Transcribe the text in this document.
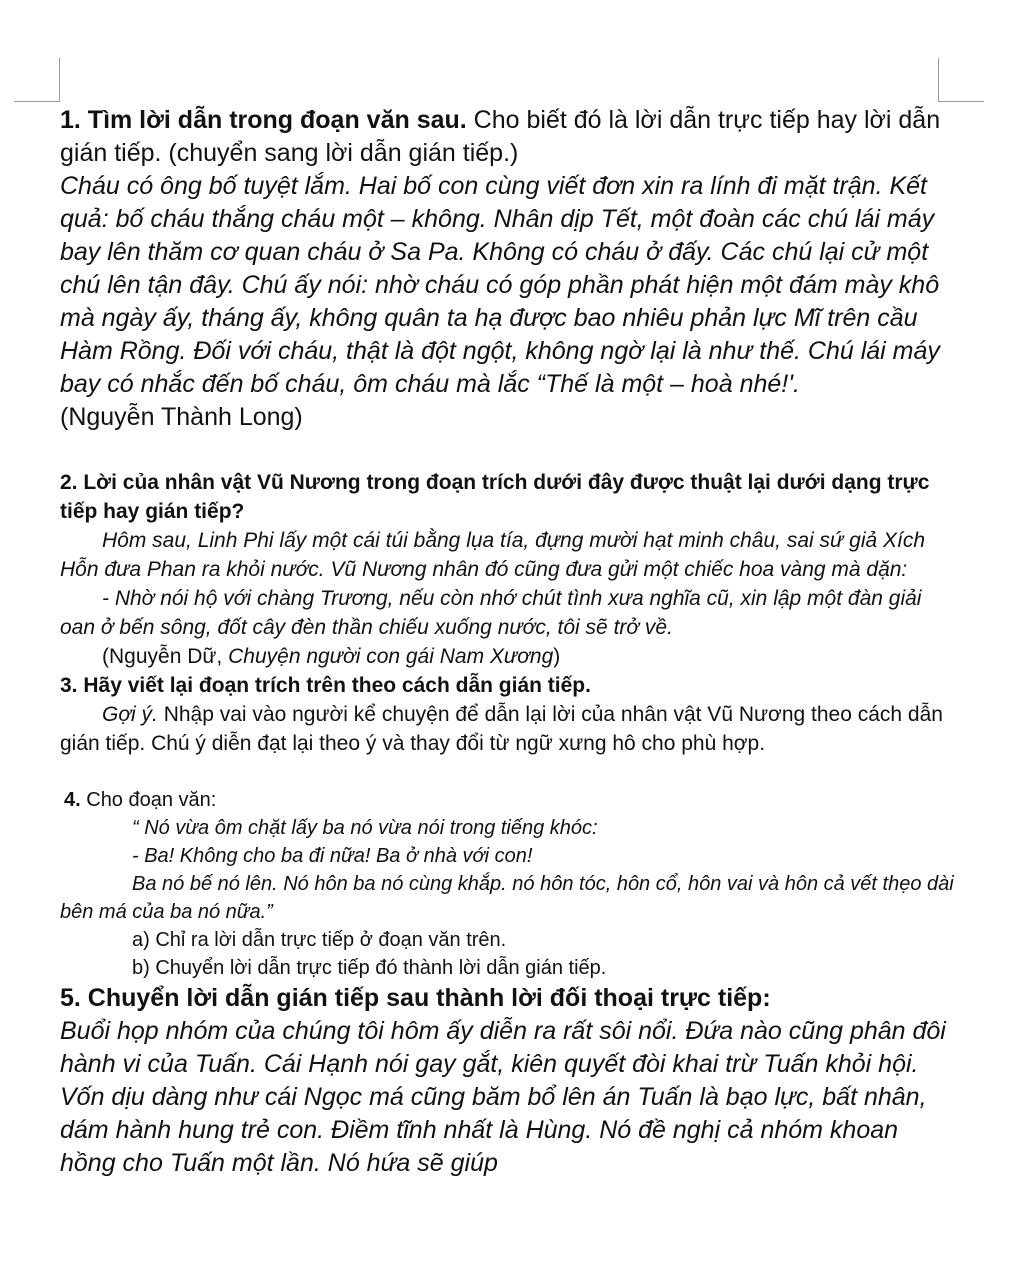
1. Tìm lời dẫn trong đoạn văn sau. Cho biết đó là lời dẫn trực tiếp hay lời dẫn gián tiếp. (chuyển sang lời dẫn gián tiếp.)

Cháu có ông bố tuyệt lắm. Hai bố con cùng viết đơn xin ra lính đi mặt trận. Kết quả: bố cháu thắng cháu một – không. Nhân dịp Tết, một đoàn các chú lái máy bay lên thăm cơ quan cháu ở Sa Pa. Không có cháu ở đấy. Các chú lại cử một chú lên tận đây. Chú ấy nói: nhờ cháu có góp phần phát hiện một đám mày khô mà ngày ấy, tháng ấy, không quân ta hạ được bao nhiêu phản lực Mĩ trên cầu Hàm Rồng. Đối với cháu, thật là đột ngột, không ngờ lại là như thế. Chú lái máy bay có nhắc đến bố cháu, ôm cháu mà lắc “Thế là một – hoà nhé!'.

(Nguyễn Thành Long)

2. Lời của nhân vật Vũ Nương trong đoạn trích dưới đây được thuật lại dưới dạng trực tiếp hay gián tiếp?

Hôm sau, Linh Phi lấy một cái túi bằng lụa tía, đựng mười hạt minh châu, sai sứ giả Xích Hỗn đưa Phan ra khỏi nước. Vũ Nương nhân đó cũng đưa gửi một chiếc hoa vàng mà dặn:

- Nhờ nói hộ với chàng Trương, nếu còn nhớ chút tình xưa nghĩa cũ, xin lập một đàn giải oan ở bến sông, đốt cây đèn thần chiếu xuống nước, tôi sẽ trở về.

(Nguyễn Dữ, Chuyện người con gái Nam Xương)

3. Hãy viết lại đoạn trích trên theo cách dẫn gián tiếp.

Gợi ý. Nhập vai vào người kể chuyện để dẫn lại lời của nhân vật Vũ Nương theo cách dẫn gián tiếp. Chú ý diễn đạt lại theo ý và thay đổi từ ngữ xưng hô cho phù hợp.

4. Cho đoạn văn:

“ Nó vừa ôm chặt lấy ba nó vừa nói trong tiếng khóc:

- Ba! Không cho ba đi nữa! Ba ở nhà với con!

Ba nó bế nó lên. Nó hôn ba nó cùng khắp. nó hôn tóc, hôn cổ, hôn vai và hôn cả vết thẹo dài bên má của ba nó nữa.”

a) Chỉ ra lời dẫn trực tiếp ở đoạn văn trên.

b) Chuyển lời dẫn trực tiếp đó thành lời dẫn gián tiếp.

5. Chuyển lời dẫn gián tiếp sau thành lời đối thoại trực tiếp:

Buổi họp nhóm của chúng tôi hôm ấy diễn ra rất sôi nổi. Đứa nào cũng phân đôi hành vi của Tuấn. Cái Hạnh nói gay gắt, kiên quyết đòi khai trừ Tuấn khỏi hội. Vốn dịu dàng như cái Ngọc má cũng băm bổ lên án Tuấn là bạo lực, bất nhân, dám hành hung trẻ con. Điềm tĩnh nhất là Hùng. Nó đề nghị cả nhóm khoan hồng cho Tuấn một lần. Nó hứa sẽ giúp
